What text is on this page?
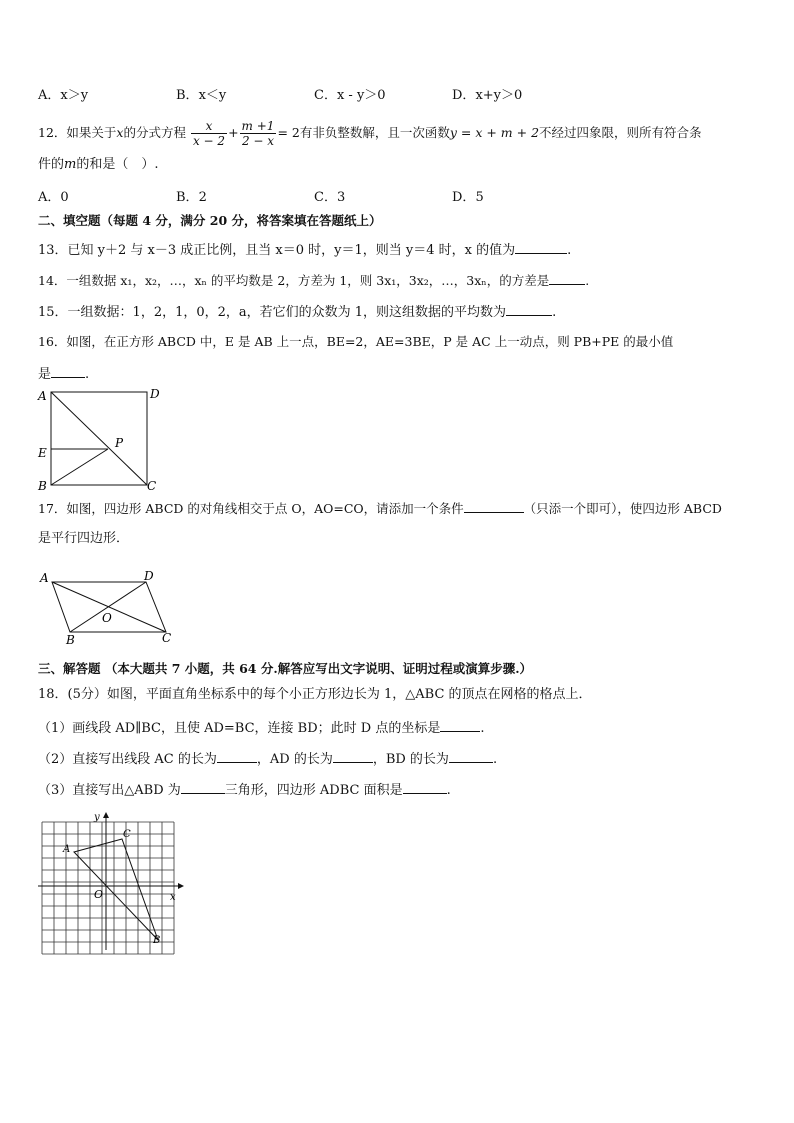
A．x＞y	B．x＜y	C．x - y＞0	D．x+y＞0
12．如果关于x的分式方程 $\frac{x}{x - 2} + \frac{m +1}{2 - x} = 2$有非负整数解，且一次函数y = x + m + 2不经过四象限，则所有符合条
件的m的和是（　）.
A．0	B．2	C．3	D．5
二、填空题（每题 4 分，满分 20 分，将答案填在答题纸上）
13．已知 y＋2 与 x－3 成正比例，且当 x＝0 时，y＝1，则当 y＝4 时，x 的值为	.
14．一组数据 x₁，x₂，…，xₙ 的平均数是 2，方差为 1，则 3x₁，3x₂，…，3xₙ，的方差是	.
15．一组数据：1，2，1，0，2，a，若它们的众数为 1，则这组数据的平均数为	.
16．如图，在正方形 ABCD 中，E 是 AB 上一点，BE=2，AE=3BE，P 是 AC 上一动点，则 PB+PE 的最小值
是	.
A	D
E
P
B	C
17．如图，四边形 ABCD 的对角线相交于点 O，AO=CO，请添加一个条件	（只添一个即可），使四边形 ABCD
是平行四边形．
A	D
O
B	C
三、解答题 （本大题共 7 小题，共 64 分.解答应写出文字说明、证明过程或演算步骤.）
18．(5分）如图，平面直角坐标系中的每个小正方形边长为 1，△ABC 的顶点在网格的格点上．
（1）画线段 AD∥BC，且使 AD=BC，连接 BD；此时 D 点的坐标是	.
（2）直接写出线段 AC 的长为	，AD 的长为	，BD 的长为	.
（3）直接写出△ABD 为	三角形，四边形 ADBC 面积是	.
y
x
O
A
C
B
